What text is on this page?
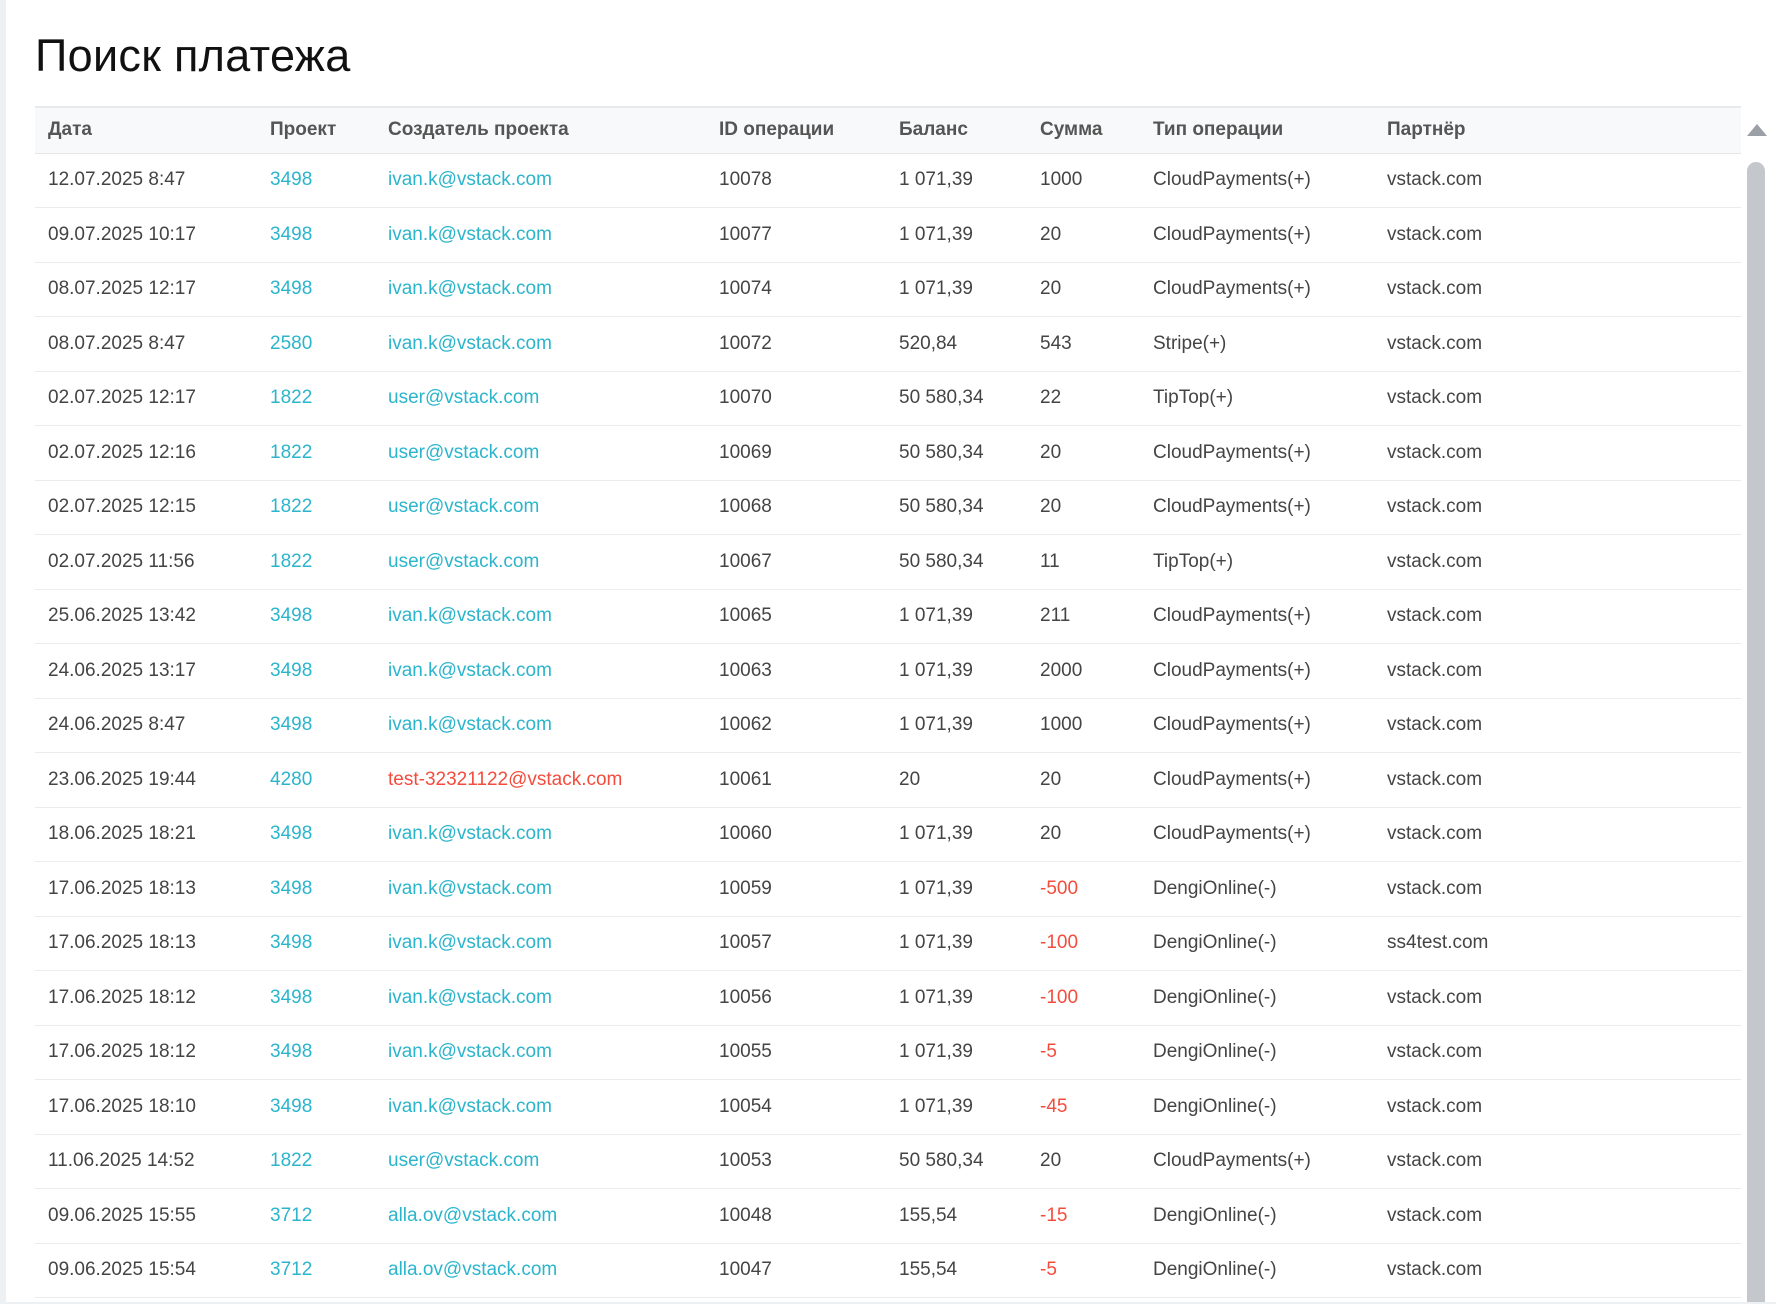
Поиск платежа
Дата	Проект	Создатель проекта	ID операции	Баланс	Сумма	Тип операции	Партнёр
12.07.2025 8:47	3498	ivan.k@vstack.com	10078	1 071,39	1000	CloudPayments(+)	vstack.com
09.07.2025 10:17	3498	ivan.k@vstack.com	10077	1 071,39	20	CloudPayments(+)	vstack.com
08.07.2025 12:17	3498	ivan.k@vstack.com	10074	1 071,39	20	CloudPayments(+)	vstack.com
08.07.2025 8:47	2580	ivan.k@vstack.com	10072	520,84	543	Stripe(+)	vstack.com
02.07.2025 12:17	1822	user@vstack.com	10070	50 580,34	22	TipTop(+)	vstack.com
02.07.2025 12:16	1822	user@vstack.com	10069	50 580,34	20	CloudPayments(+)	vstack.com
02.07.2025 12:15	1822	user@vstack.com	10068	50 580,34	20	CloudPayments(+)	vstack.com
02.07.2025 11:56	1822	user@vstack.com	10067	50 580,34	11	TipTop(+)	vstack.com
25.06.2025 13:42	3498	ivan.k@vstack.com	10065	1 071,39	211	CloudPayments(+)	vstack.com
24.06.2025 13:17	3498	ivan.k@vstack.com	10063	1 071,39	2000	CloudPayments(+)	vstack.com
24.06.2025 8:47	3498	ivan.k@vstack.com	10062	1 071,39	1000	CloudPayments(+)	vstack.com
23.06.2025 19:44	4280	test-32321122@vstack.com	10061	20	20	CloudPayments(+)	vstack.com
18.06.2025 18:21	3498	ivan.k@vstack.com	10060	1 071,39	20	CloudPayments(+)	vstack.com
17.06.2025 18:13	3498	ivan.k@vstack.com	10059	1 071,39	-500	DengiOnline(-)	vstack.com
17.06.2025 18:13	3498	ivan.k@vstack.com	10057	1 071,39	-100	DengiOnline(-)	ss4test.com
17.06.2025 18:12	3498	ivan.k@vstack.com	10056	1 071,39	-100	DengiOnline(-)	vstack.com
17.06.2025 18:12	3498	ivan.k@vstack.com	10055	1 071,39	-5	DengiOnline(-)	vstack.com
17.06.2025 18:10	3498	ivan.k@vstack.com	10054	1 071,39	-45	DengiOnline(-)	vstack.com
11.06.2025 14:52	1822	user@vstack.com	10053	50 580,34	20	CloudPayments(+)	vstack.com
09.06.2025 15:55	3712	alla.ov@vstack.com	10048	155,54	-15	DengiOnline(-)	vstack.com
09.06.2025 15:54	3712	alla.ov@vstack.com	10047	155,54	-5	DengiOnline(-)	vstack.com
